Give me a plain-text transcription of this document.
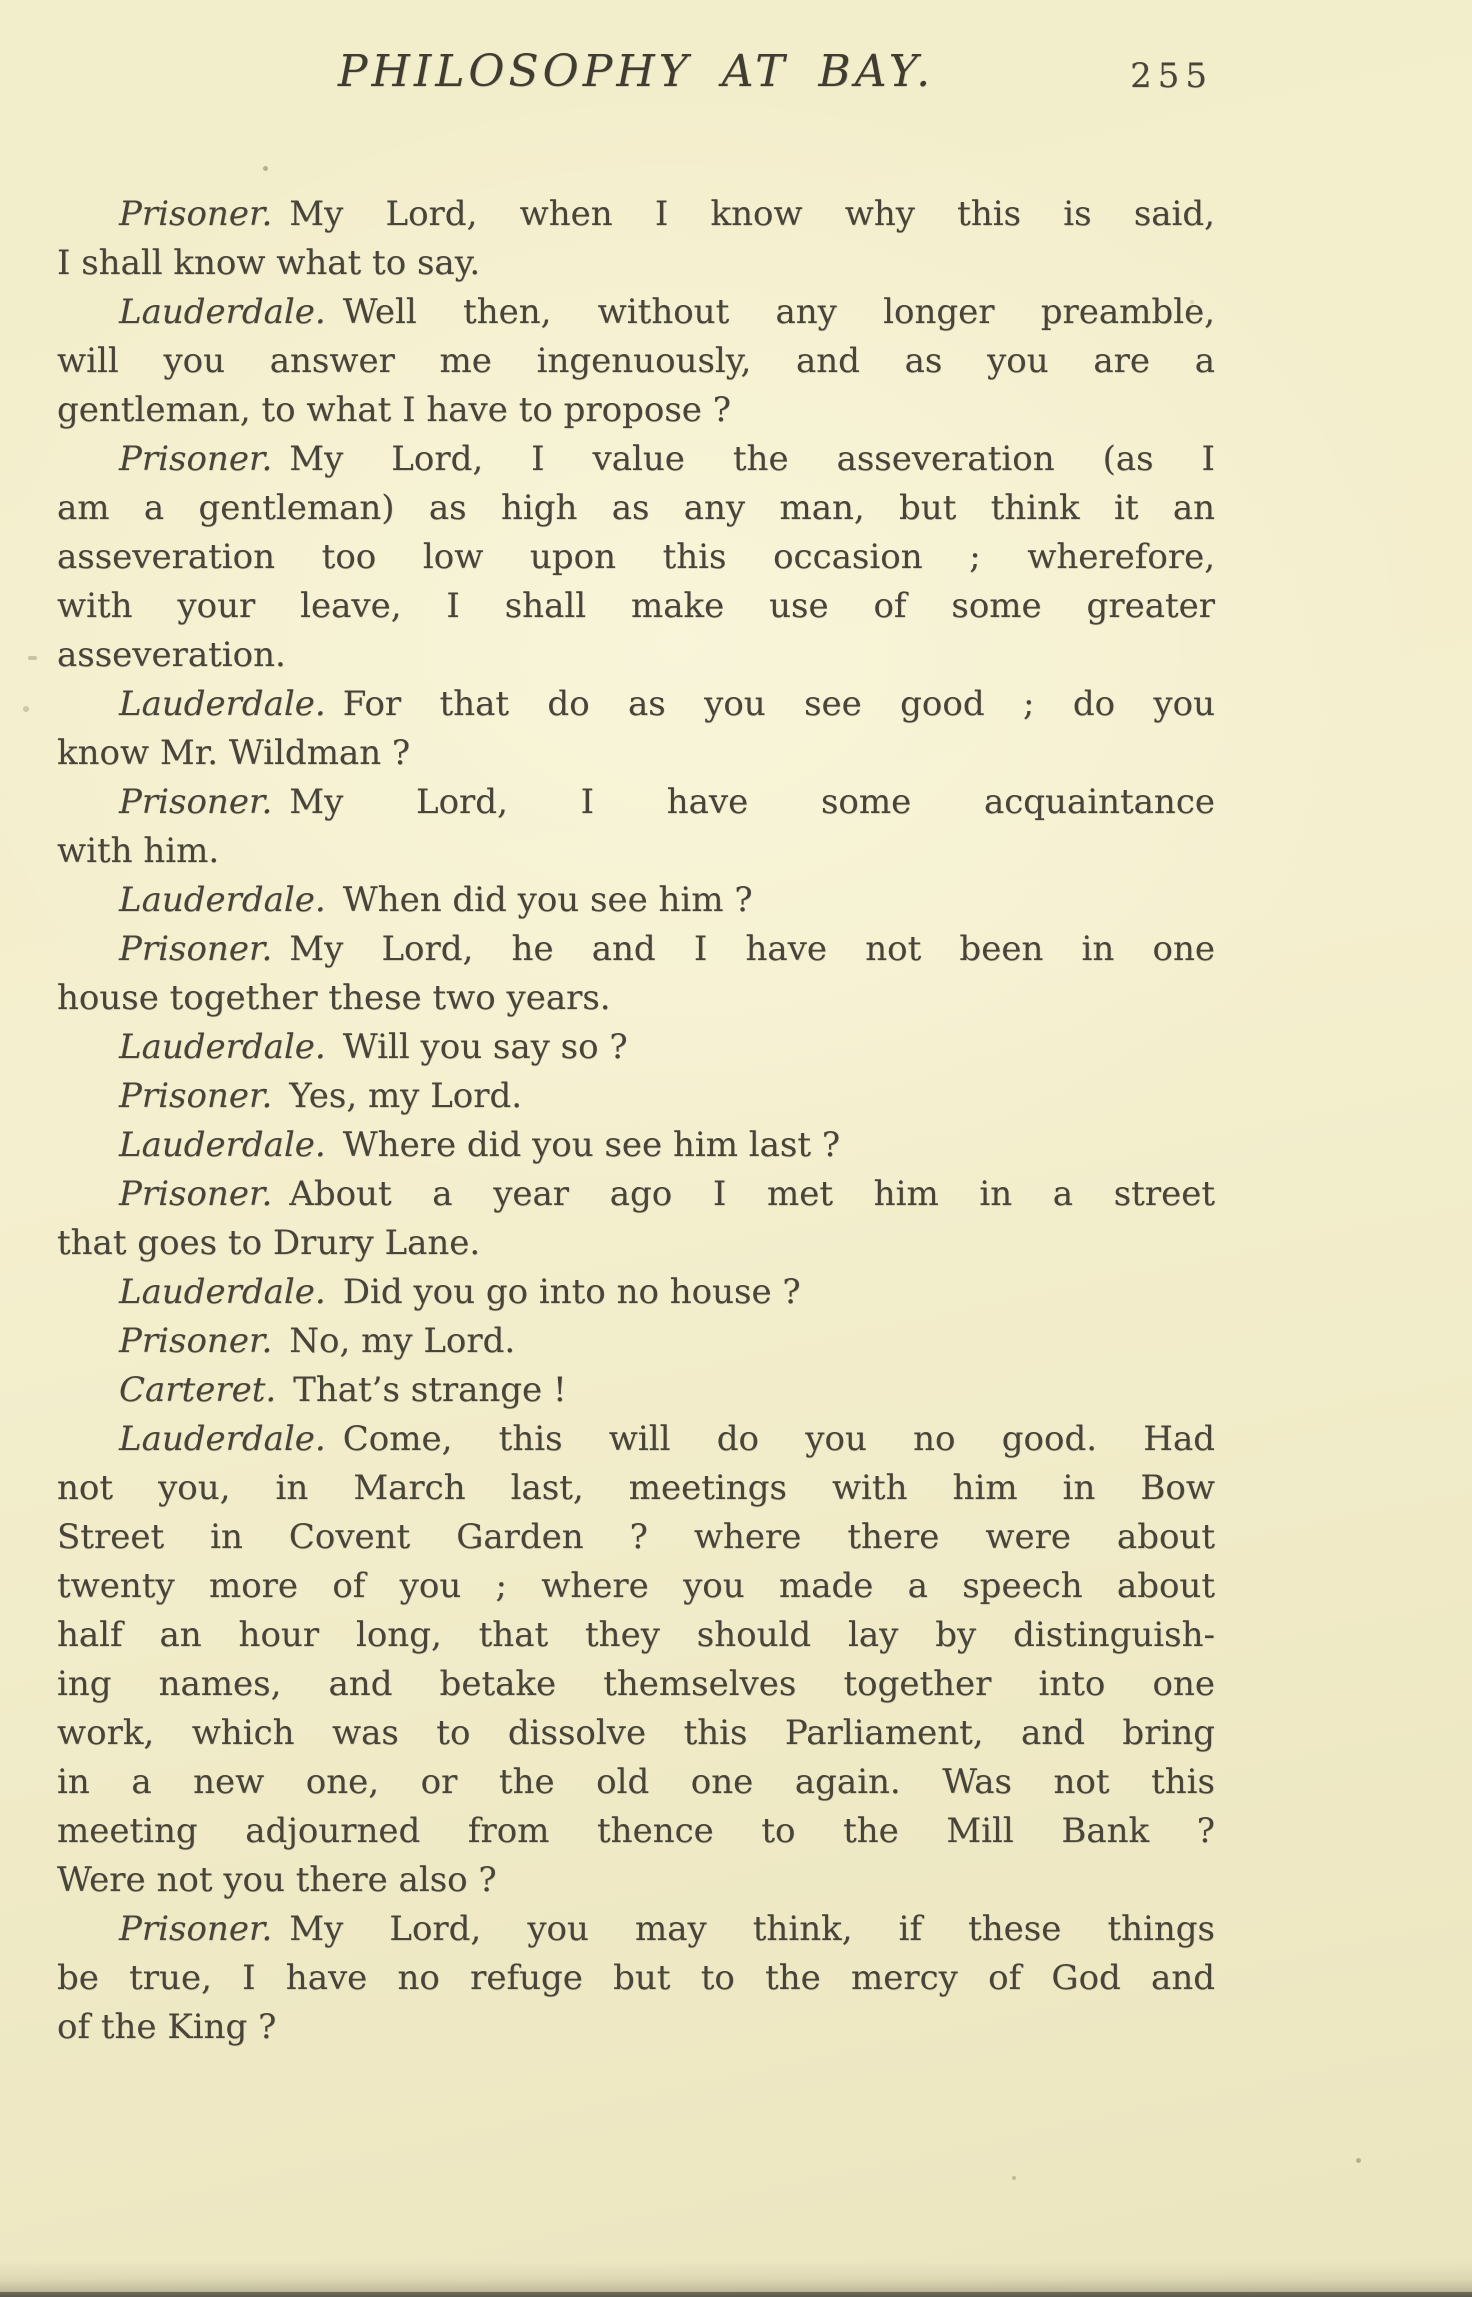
PHILOSOPHY AT BAY.	255
Prisoner. My Lord, when I know why this is said,
I shall know what to say.
Lauderdale. Well then, without any longer preamble,
will you answer me ingenuously, and as you are a
gentleman, to what I have to propose ?
Prisoner. My Lord, I value the asseveration (as I
am a gentleman) as high as any man, but think it an
asseveration too low upon this occasion ; wherefore,
with your leave, I shall make use of some greater
asseveration.
Lauderdale. For that do as you see good ; do you
know Mr. Wildman ?
Prisoner. My Lord, I have some acquaintance
with him.
Lauderdale. When did you see him ?
Prisoner. My Lord, he and I have not been in one
house together these two years.
Lauderdale. Will you say so ?
Prisoner. Yes, my Lord.
Lauderdale. Where did you see him last ?
Prisoner. About a year ago I met him in a street
that goes to Drury Lane.
Lauderdale. Did you go into no house ?
Prisoner. No, my Lord.
Carteret. That’s strange !
Lauderdale. Come, this will do you no good. Had
not you, in March last, meetings with him in Bow
Street in Covent Garden ? where there were about
twenty more of you ; where you made a speech about
half an hour long, that they should lay by distinguish-
ing names, and betake themselves together into one
work, which was to dissolve this Parliament, and bring
in a new one, or the old one again. Was not this
meeting adjourned from thence to the Mill Bank ?
Were not you there also ?
Prisoner. My Lord, you may think, if these things
be true, I have no refuge but to the mercy of God and
of the King ?
